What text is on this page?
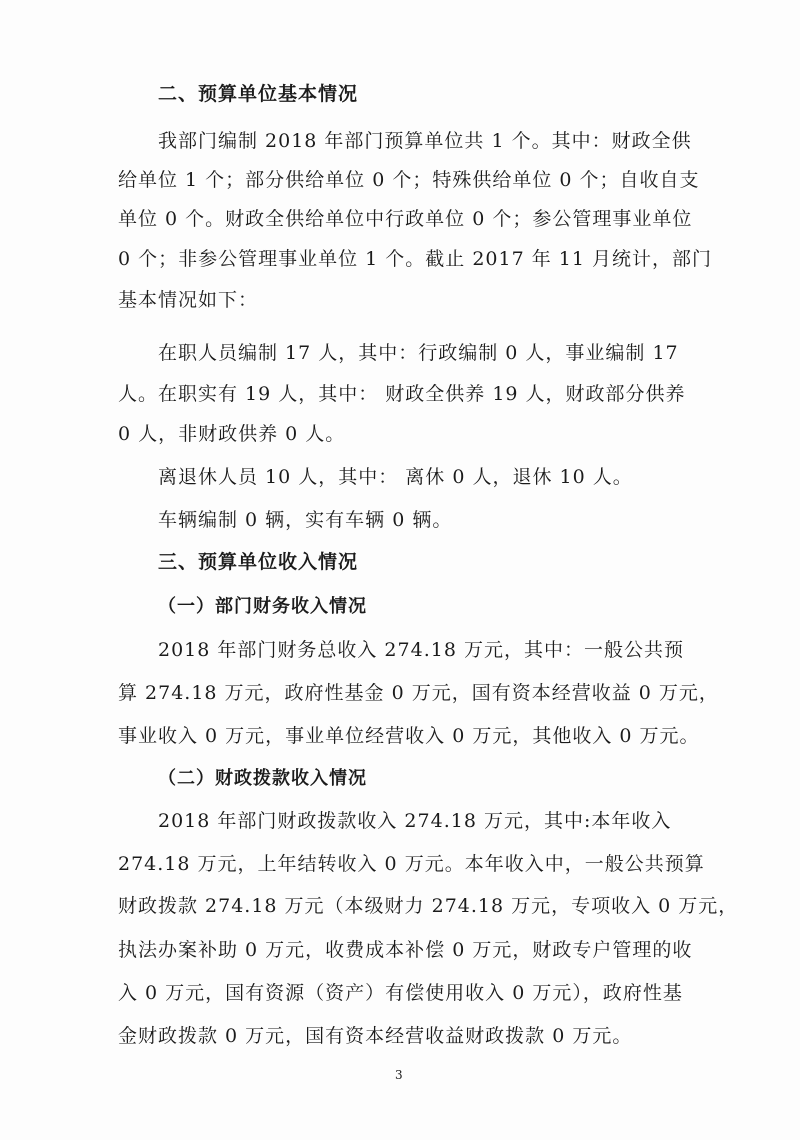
二、预算单位基本情况
我部门编制 2018 年部门预算单位共 1 个。其中：财政全供
给单位 1 个；部分供给单位 0 个；特殊供给单位 0 个；自收自支
单位 0 个。财政全供给单位中行政单位 0 个；参公管理事业单位
0 个；非参公管理事业单位 1 个。截止 2017 年 11 月统计，部门
基本情况如下：
在职人员编制 17 人，其中：行政编制 0 人，事业编制 17
人。在职实有 19 人，其中： 财政全供养 19 人，财政部分供养
0 人，非财政供养 0 人。
离退休人员 10 人，其中： 离休 0 人，退休 10 人。
车辆编制 0 辆，实有车辆 0 辆。
三、预算单位收入情况
（一）部门财务收入情况
2018 年部门财务总收入 274.18 万元，其中：一般公共预
算 274.18 万元，政府性基金 0 万元，国有资本经营收益 0 万元，
事业收入 0 万元，事业单位经营收入 0 万元，其他收入 0 万元。
（二）财政拨款收入情况
2018 年部门财政拨款收入 274.18 万元，其中:本年收入
274.18 万元，上年结转收入 0 万元。本年收入中，一般公共预算
财政拨款 274.18 万元（本级财力 274.18 万元，专项收入 0 万元，
执法办案补助 0 万元，收费成本补偿 0 万元，财政专户管理的收
入 0 万元，国有资源（资产）有偿使用收入 0 万元），政府性基
金财政拨款 0 万元，国有资本经营收益财政拨款 0 万元。
3
